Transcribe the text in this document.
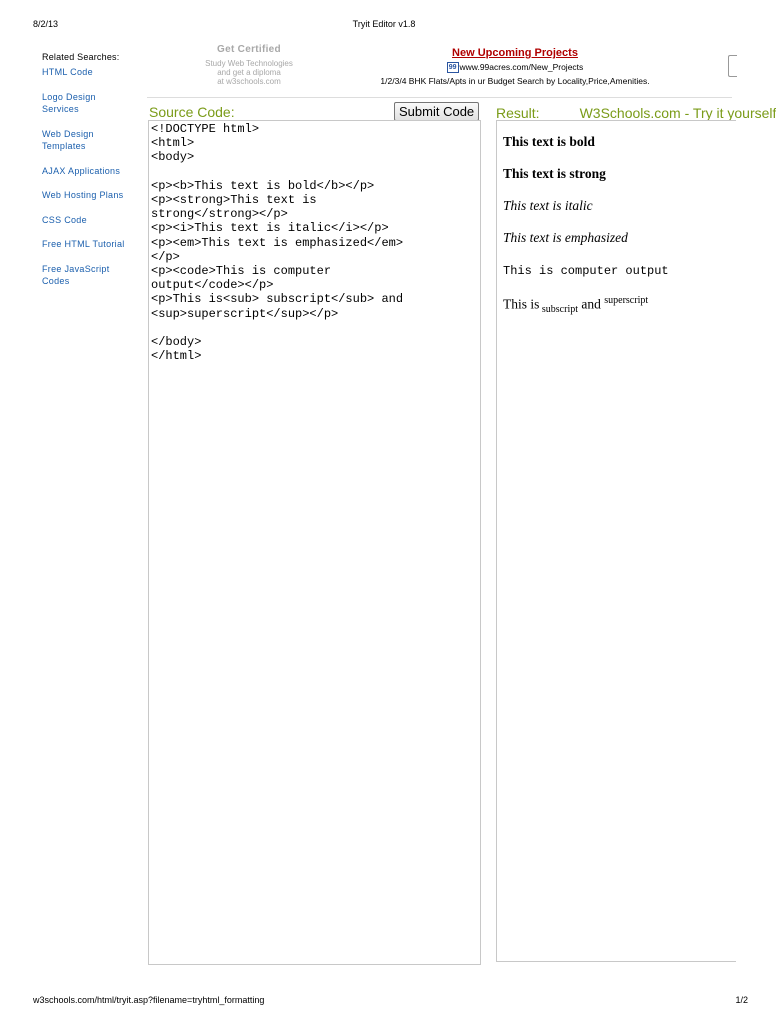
8/2/13	Tryit Editor v1.8
Related Searches:
HTML Code
Logo Design
Services
Web Design
Templates
AJAX Applications
Web Hosting Plans
CSS Code
Free HTML Tutorial
Free JavaScript
Codes
Get Certified
Study Web Technologies
and get a diploma
at w3schools.com
New Upcoming Projects
99 www.99acres.com/New_Projects
1/2/3/4 BHK Flats/Apts in ur Budget Search by Locality,Price,Amenities.
Source Code:	Submit Code	Result:	W3Schools.com - Try it yourself
<!DOCTYPE html>
<html>
<body>

<p><b>This text is bold</b></p>
<p><strong>This text is
strong</strong></p>
<p><i>This text is italic</i></p>
<p><em>This text is emphasized</em>
</p>
<p><code>This is computer
output</code></p>
<p>This is<sub> subscript</sub> and
<sup>superscript</sup></p>

</body>
</html>

This text is bold

This text is strong

This text is italic

This text is emphasized

This is computer output

This is $_{subscript}$ and $^{superscript}$

w3schools.com/html/tryit.asp?filename=tryhtml_formatting	1/2
